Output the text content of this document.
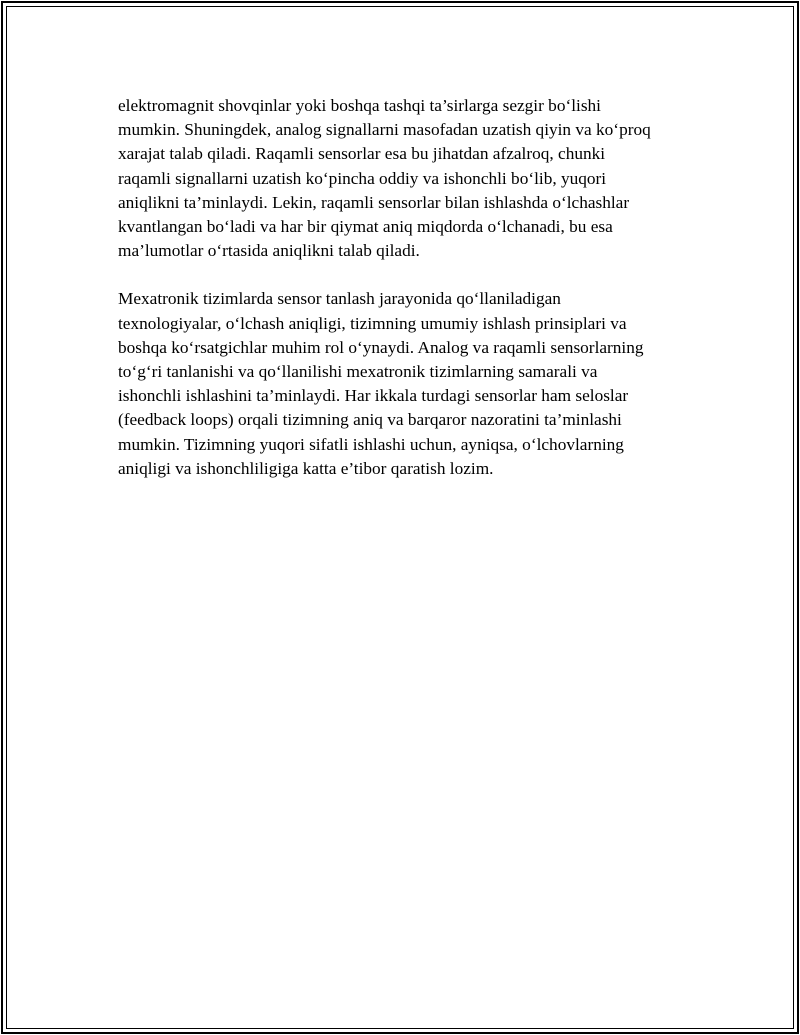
elektromagnit shovqinlar yoki boshqa tashqi ta’sirlarga sezgir bo‘lishi
mumkin. Shuningdek, analog signallarni masofadan uzatish qiyin va ko‘proq
xarajat talab qiladi. Raqamli sensorlar esa bu jihatdan afzalroq, chunki
raqamli signallarni uzatish ko‘pincha oddiy va ishonchli bo‘lib, yuqori
aniqlikni ta’minlaydi. Lekin, raqamli sensorlar bilan ishlashda o‘lchashlar
kvantlangan bo‘ladi va har bir qiymat aniq miqdorda o‘lchanadi, bu esa
ma’lumotlar o‘rtasida aniqlikni talab qiladi.

Mexatronik tizimlarda sensor tanlash jarayonida qo‘llaniladigan
texnologiyalar, o‘lchash aniqligi, tizimning umumiy ishlash prinsiplari va
boshqa ko‘rsatgichlar muhim rol o‘ynaydi. Analog va raqamli sensorlarning
to‘g‘ri tanlanishi va qo‘llanilishi mexatronik tizimlarning samarali va
ishonchli ishlashini ta’minlaydi. Har ikkala turdagi sensorlar ham seloslar
(feedback loops) orqali tizimning aniq va barqaror nazoratini ta’minlashi
mumkin. Tizimning yuqori sifatli ishlashi uchun, ayniqsa, o‘lchovlarning
aniqligi va ishonchliligiga katta e’tibor qaratish lozim.
